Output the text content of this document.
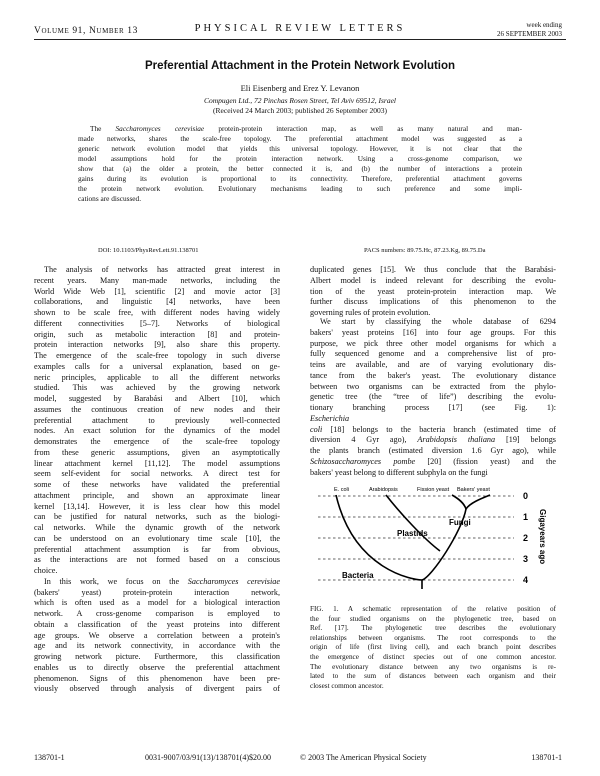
Volume 91, Number 13	PHYSICAL REVIEW LETTERS	week ending
26 SEPTEMBER 2003
Preferential Attachment in the Protein Network Evolution
Eli Eisenberg and Erez Y. Levanon
Compugen Ltd., 72 Pinchas Rosen Street, Tel Aviv 69512, Israel
(Received 24 March 2003; published 26 September 2003)
The Saccharomyces cerevisiae protein-protein interaction map, as well as many natural and man-
made networks, shares the scale-free topology. The preferential attachment model was suggested as a
generic network evolution model that yields this universal topology. However, it is not clear that the
model assumptions hold for the protein interaction network. Using a cross-genome comparison, we
show that (a) the older a protein, the better connected it is, and (b) the number of interactions a protein
gains during its evolution is proportional to its connectivity. Therefore, preferential attachment governs
the protein network evolution. Evolutionary mechanisms leading to such preference and some impli-
cations are discussed.
DOI: 10.1103/PhysRevLett.91.138701	PACS numbers: 89.75.Hc, 87.23.Kg, 89.75.Da
The analysis of networks has attracted great interest in
recent years. Many man-made networks, including the
World Wide Web [1], scientific [2] and movie actor [3]
collaborations, and linguistic [4] networks, have been
shown to be scale free, with different nodes having widely
different connectivities [5–7]. Networks of biological
origin, such as metabolic interaction [8] and protein-
protein interaction networks [9], also share this property.
The emergence of the scale-free topology in such diverse
examples calls for a universal explanation, based on ge-
neric principles, applicable to all the different networks
studied. This was achieved by the growing network
model, suggested by Barabási and Albert [10], which
assumes the continuous creation of new nodes and their
preferential attachment to previously well-connected
nodes. An exact solution for the dynamics of the model
demonstrates the emergence of the scale-free topology
from these generic assumptions, given an asymptotically
linear attachment kernel [11,12]. The model assumptions
seem self-evident for social networks. A direct test for
some of these networks have validated the preferential
attachment principle, and shown an approximate linear
kernel [13,14]. However, it is less clear how this model
can be justified for natural networks, such as the biologi-
cal networks. While the dynamic growth of the network
can be understood on an evolutionary time scale [10], the
preferential attachment assumption is far from obvious,
as the interactions are not formed based on a conscious
choice.
In this work, we focus on the Saccharomyces cerevisiae
(bakers' yeast) protein-protein interaction network,
which is often used as a model for a biological interaction
network. A cross-genome comparison is employed to
obtain a classification of the yeast proteins into different
age groups. We observe a correlation between a protein's
age and its network connectivity, in accordance with the
growing network picture. Furthermore, this classification
enables us to directly observe the preferential attachment
phenomenon. Signs of this phenomenon have been pre-
viously observed through analysis of divergent pairs of
duplicated genes [15]. We thus conclude that the Barabási-
Albert model is indeed relevant for describing the evolu-
tion of the yeast protein-protein interaction map. We
further discuss implications of this phenomenon to the
governing rules of protein evolution.
We start by classifying the whole database of 6294
bakers' yeast proteins [16] into four age groups. For this
purpose, we pick three other model organisms for which a
fully sequenced genome and a comprehensive list of pro-
teins are available, and are of varying evolutionary dis-
tance from the baker's yeast. The evolutionary distance
between two organisms can be extracted from the phylo-
genetic tree (the “tree of life”) describing the evolu-
tionary branching process [17] (see Fig. 1):
Escherichia
coli [18] belongs to the bacteria branch (estimated time of
diversion 4 Gyr ago), Arabidopsis thaliana [19] belongs
the plants branch (estimated diversion 1.6 Gyr ago), while
Schizosaccharomyces pombe [20] (fission yeast) and the
bakers' yeast belong to different subphyla on the fungi
E. coli	Arabidopsis	Fission yeast Bakers' yeast
Fungi
Plastids
Bacteria
0
1
2
3
4
Gigayears ago
FIG. 1. A schematic representation of the relative position of
the four studied organisms on the phylogenetic tree, based on
Ref. [17]. The phylogenetic tree describes the evolutionary
relationships between organisms. The root corresponds to the
origin of life (first living cell), and each branch point describes
the emergence of distinct species out of one common ancestor.
The evolutionary distance between any two organisms is re-
lated to the sum of distances between each organism and their
closest common ancestor.
138701-1	0031-9007/03/91(13)/138701(4)$20.00	© 2003 The American Physical Society	138701-1
